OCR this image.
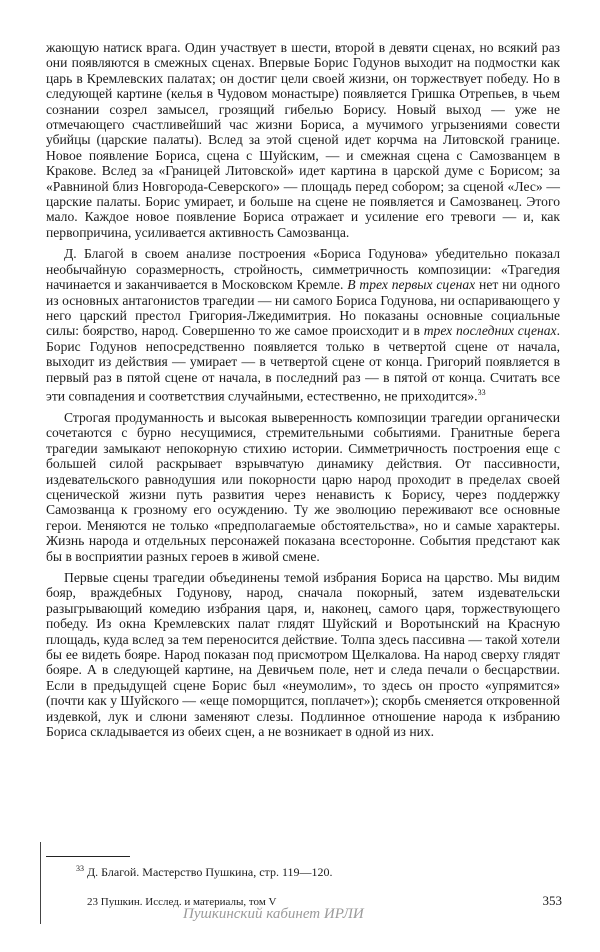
жающую натиск врага. Один участвует в шести, второй в девяти сценах, но всякий раз они появляются в смежных сценах. Впервые Борис Годунов выходит на подмостки как царь в Кремлевских палатах; он достиг цели своей жизни, он торжествует победу. Но в следующей картине (келья в Чудовом монастыре) появляется Гришка Отрепьев, в чьем сознании созрел замысел, грозящий гибелью Борису. Новый выход — уже не отмечающего счастливейший час жизни Бориса, а мучимого угрызениями совести убийцы (царские палаты). Вслед за этой сценой идет корчма на Литовской границе. Новое появление Бориса, сцена с Шуйским, — и смежная сцена с Самозванцем в Кракове. Вслед за «Границей Литовской» идет картина в царской думе с Борисом; за «Равниной близ Новгорода-Северского» — площадь перед собором; за сценой «Лес» — царские палаты. Борис умирает, и больше на сцене не появляется и Самозванец. Этого мало. Каждое новое появление Бориса отражает и усиление его тревоги — и, как первопричина, усиливается активность Самозванца.

Д. Благой в своем анализе построения «Бориса Годунова» убедительно показал необычайную соразмерность, стройность, симметричность композиции: «Трагедия начинается и заканчивается в Московском Кремле. В трех первых сценах нет ни одного из основных антагонистов трагедии — ни самого Бориса Годунова, ни оспаривающего у него царский престол Григория-Лжедимитрия. Но показаны основные социальные силы: боярство, народ. Совершенно то же самое происходит и в трех последних сценах. Борис Годунов непосредственно появляется только в четвертой сцене от начала, выходит из действия — умирает — в четвертой сцене от конца. Григорий появляется в первый раз в пятой сцене от начала, в последний раз — в пятой от конца. Считать все эти совпадения и соответствия случайными, естественно, не приходится».$^{33}$

Строгая продуманность и высокая выверенность композиции трагедии органически сочетаются с бурно несущимися, стремительными событиями. Гранитные берега трагедии замыкают непокорную стихию истории. Симметричность построения еще с большей силой раскрывает взрывчатую динамику действия. От пассивности, издевательского равнодушия или покорности царю народ проходит в пределах своей сценической жизни путь развития через ненависть к Борису, через поддержку Самозванца к грозному его осуждению. Ту же эволюцию переживают все основные герои. Меняются не только «предполагаемые обстоятельства», но и самые характеры. Жизнь народа и отдельных персонажей показана всесторонне. События предстают как бы в восприятии разных героев в живой смене.

Первые сцены трагедии объединены темой избрания Бориса на царство. Мы видим бояр, враждебных Годунову, народ, сначала покорный, затем издевательски разыгрывающий комедию избрания царя, и, наконец, самого царя, торжествующего победу. Из окна Кремлевских палат глядят Шуйский и Воротынский на Красную площадь, куда вслед за тем переносится действие. Толпа здесь пассивна — такой хотели бы ее видеть бояре. Народ показан под присмотром Щелкалова. На народ сверху глядят бояре. А в следующей картине, на Девичьем поле, нет и следа печали о бесцарствии. Если в предыдущей сцене Борис был «неумолим», то здесь он просто «упрямится» (почти как у Шуйского — «еще поморщится, поплачет»); скорбь сменяется откровенной издевкой, лук и слюни заменяют слезы. Подлинное отношение народа к избранию Бориса складывается из обеих сцен, а не возникает в одной из них.

$^{33}$ Д. Благой. Мастерство Пушкина, стр. 119—120.
23 Пушкин. Исслед. и материалы, том V	353
Пушкинский кабинет ИРЛИ
